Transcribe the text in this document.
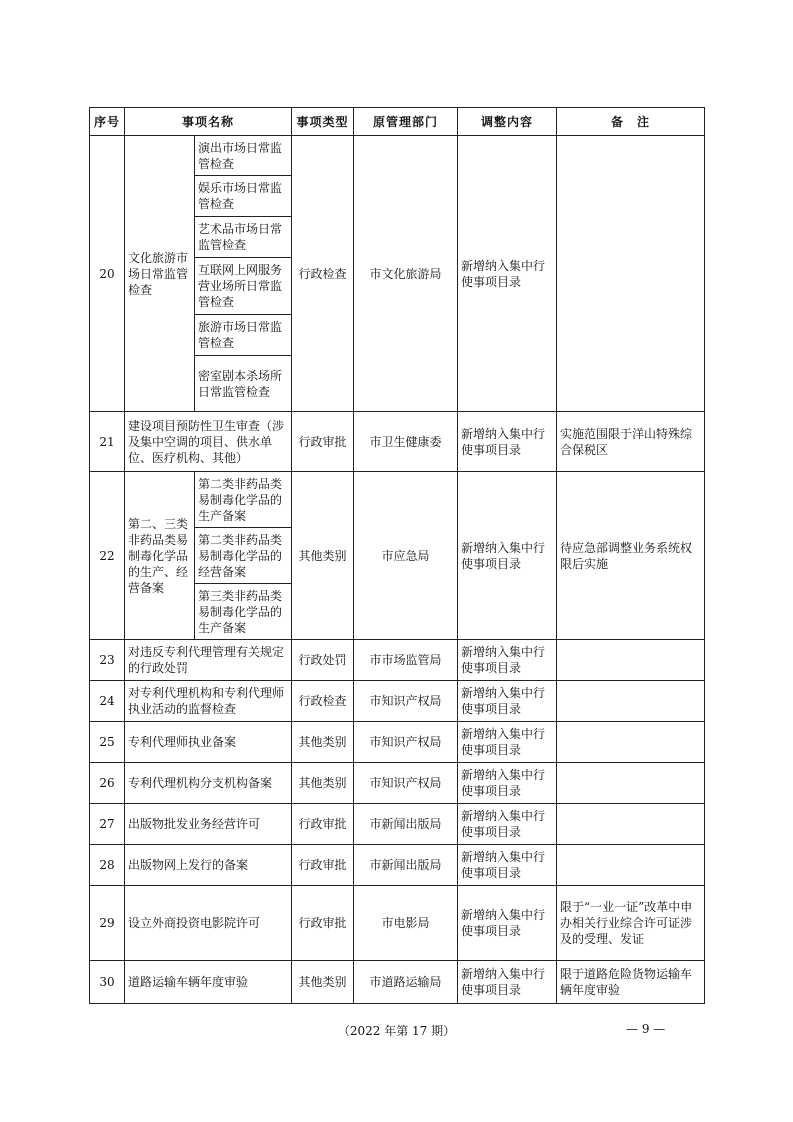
序号	事项名称		事项类型	原管理部门	调整内容	备　注
20	文化旅游市场日常监管检查	演出市场日常监管检查	行政检查	市文化旅游局	新增纳入集中行使事项目录	
		娱乐市场日常监管检查				
		艺术品市场日常监管检查				
		互联网上网服务营业场所日常监管检查				
		旅游市场日常监管检查				
		密室剧本杀场所日常监管检查				
21	建设项目预防性卫生审查（涉及集中空调的项目、供水单位、医疗机构、其他）		行政审批	市卫生健康委	新增纳入集中行使事项目录	实施范围限于洋山特殊综合保税区
22	第二、三类非药品类易制毒化学品的生产、经营备案	第二类非药品类易制毒化学品的生产备案	其他类别	市应急局	新增纳入集中行使事项目录	待应急部调整业务系统权限后实施
		第二类非药品类易制毒化学品的经营备案				
		第三类非药品类易制毒化学品的生产备案				
23	对违反专利代理管理有关规定的行政处罚		行政处罚	市市场监管局	新增纳入集中行使事项目录	
24	对专利代理机构和专利代理师执业活动的监督检查		行政检查	市知识产权局	新增纳入集中行使事项目录	
25	专利代理师执业备案		其他类别	市知识产权局	新增纳入集中行使事项目录	
26	专利代理机构分支机构备案		其他类别	市知识产权局	新增纳入集中行使事项目录	
27	出版物批发业务经营许可		行政审批	市新闻出版局	新增纳入集中行使事项目录	
28	出版物网上发行的备案		行政审批	市新闻出版局	新增纳入集中行使事项目录	
29	设立外商投资电影院许可		行政审批	市电影局	新增纳入集中行使事项目录	限于“一业一证”改革中申办相关行业综合许可证涉及的受理、发证
30	道路运输车辆年度审验		其他类别	市道路运输局	新增纳入集中行使事项目录	限于道路危险货物运输车辆年度审验
（2022 年第 17 期）	— 9 —
